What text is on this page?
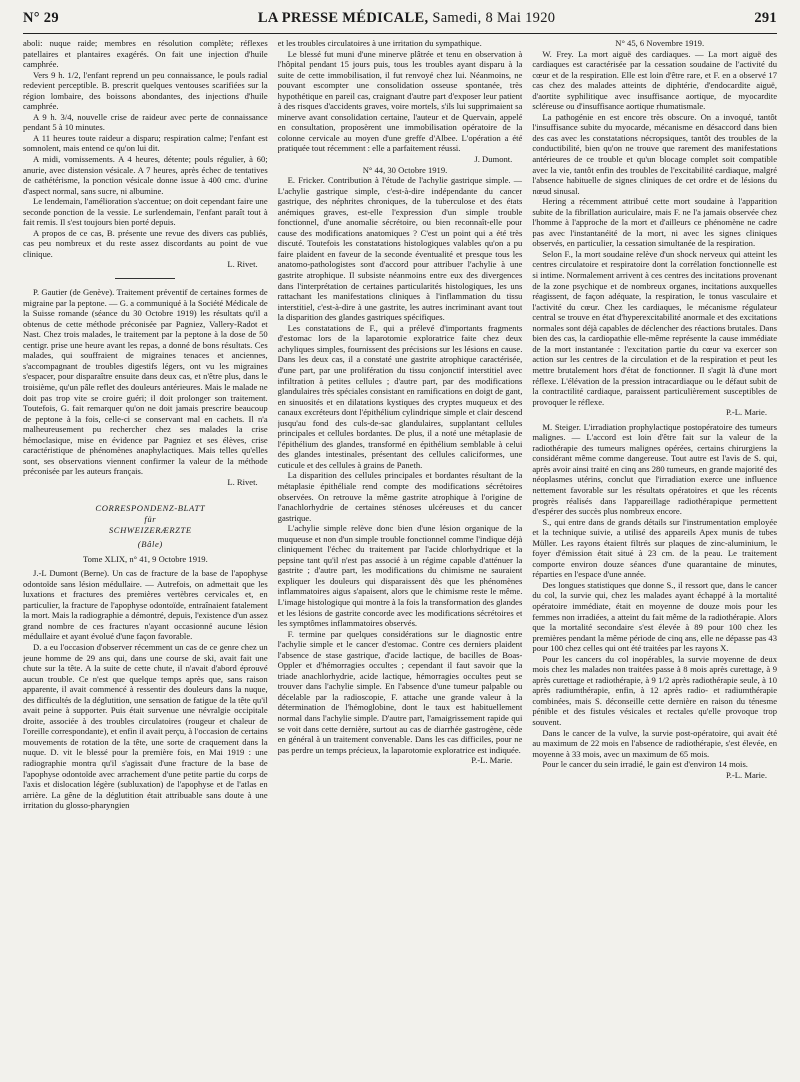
N° 29	LA PRESSE MÉDICALE, Samedi, 8 Mai 1920	291

aboli: nuque raide; membres en résolution complète; réflexes patellaires et plantaires exagérés. On fait une injection d'huile camphrée.

Vers 9 h. 1/2, l'enfant reprend un peu connaissance, le pouls radial redevient perceptible. B. prescrit quelques ventouses scarifiées sur la région lombaire, des boissons abondantes, des injections d'huile camphrée.

A 9 h. 3/4, nouvelle crise de raideur avec perte de connaissance pendant 5 à 10 minutes.

A 11 heures toute raideur a disparu; respiration calme; l'enfant est somnolent, mais entend ce qu'on lui dit.

A midi, vomissements. A 4 heures, détente; pouls régulier, à 60; anurie, avec distension vésicale. A 7 heures, après échec de tentatives de cathétérisme, la ponction vésicale donne issue à 400 cmc. d'urine d'aspect normal, sans sucre, ni albumine.

Le lendemain, l'amélioration s'accentue; on doit cependant faire une seconde ponction de la vessie. Le surlendemain, l'enfant paraît tout à fait remis. Il s'est toujours bien porté depuis.

A propos de ce cas, B. présente une revue des divers cas publiés, cas peu nombreux et du reste assez discordants au point de vue clinique.

L. Rivet.

P. Gautier (de Genève). Traitement préventif de certaines formes de migraine par la peptone. — G. a communiqué à la Société Médicale de la Suisse romande (séance du 30 Octobre 1919) les résultats qu'il a obtenus de cette méthode préconisée par Pagniez, Vallery-Radot et Nast. Chez trois malades, le traitement par la peptone à la dose de 50 centigr. prise une heure avant les repas, a donné de bons résultats. Ces malades, qui souffraient de migraines tenaces et anciennes, s'accompagnant de troubles digestifs légers, ont vu les migraines s'espacer, pour disparaître ensuite dans deux cas, et n'être plus, dans le troisième, qu'un pâle reflet des douleurs antérieures. Mais le malade ne doit pas trop vite se croire guéri; il doit prolonger son traitement. Toutefois, G. fait remarquer qu'on ne doit jamais prescrire beaucoup de peptone à la fois, celle-ci se conservant mal en cachets. Il n'a malheureusement pu rechercher chez ses malades la crise hémoclasique, mise en évidence par Pagniez et ses élèves, crise caractéristique de phénomènes anaphylactiques. Mais telles qu'elles sont, ses observations viennent confirmer la valeur de la méthode préconisée par les auteurs français.

L. Rivet.

CORRESPONDENZ-BLATT

für

SCHWEIZERÆRZTE

(Bâle)

Tome XLIX, n° 41, 9 Octobre 1919.

J.-L Dumont (Berne). Un cas de fracture de la base de l'apophyse odontoïde sans lésion médullaire. — Autrefois, on admettait que les luxations et fractures des premières vertèbres cervicales et, en particulier, la fracture de l'apophyse odontoïde, entraînaient fatalement la mort. Mais la radiographie a démontré, depuis, l'existence d'un assez grand nombre de ces fractures n'ayant occasionné aucune lésion médullaire et ayant évolué d'une façon favorable.

D. a eu l'occasion d'observer récemment un cas de ce genre chez un jeune homme de 29 ans qui, dans une course de ski, avait fait une chute sur la tête. A la suite de cette chute, il n'avait d'abord éprouvé aucun trouble. Ce n'est que quelque temps après que, sans raison apparente, il avait commencé à ressentir des douleurs dans la nuque, des difficultés de la déglutition, une sensation de fatigue de la tête qu'il avait peine à supporter. Puis était survenue une névralgie occipitale droite, associée à des troubles circulatoires (rougeur et chaleur de l'oreille correspondante), et enfin il avait perçu, à l'occasion de certains mouvements de rotation de la tête, une sorte de craquement dans la nuque. D. vit le blessé pour la première fois, en Mai 1919 : une radiographie montra qu'il s'agissait d'une fracture de la base de l'apophyse odontoïde avec arrachement d'une petite partie du corps de l'axis et dislocation légère (subluxation) de l'apophyse et de l'atlas en arrière. La gêne de la déglutition était attribuable sans doute à une irritation du glosso-pharyngien

et les troubles circulatoires à une irritation du sympathique.

Le blessé fut muni d'une minerve plâtrée et tenu en observation à l'hôpital pendant 15 jours puis, tous les troubles ayant disparu à la suite de cette immobilisation, il fut renvoyé chez lui. Néanmoins, ne pouvant escompter une consolidation osseuse spontanée, très hypothétique en pareil cas, craignant d'autre part d'exposer leur patient à des risques d'accidents graves, voire mortels, s'ils lui supprimaient sa minerve avant consolidation certaine, l'auteur et de Quervain, appelé en consultation, proposèrent une immobilisation opératoire de la colonne cervicale au moyen d'une greffe d'Albee. L'opération a été pratiquée tout récemment : elle a parfaitement réussi.

J. Dumont.

N° 44, 30 Octobre 1919.

E. Fricker. Contribution à l'étude de l'achylie gastrique simple. — L'achylie gastrique simple, c'est-à-dire indépendante du cancer gastrique, des néphrites chroniques, de la tuberculose et des états anémiques graves, est-elle l'expression d'un simple trouble fonctionnel, d'une anomalie sécrétoire, ou bien reconnaît-elle pour cause des modifications anatomiques ? C'est un point qui a été très discuté. Toutefois les constatations histologiques valables qu'on a pu faire plaident en faveur de la seconde éventualité et presque tous les anatomo-pathologistes sont d'accord pour attribuer l'achylie à une gastrite atrophique. Il subsiste néanmoins entre eux des divergences dans l'interprétation de certaines particularités histologiques, les uns rattachant les manifestations cliniques à l'inflammation du tissu interstitiel, c'est-à-dire à une gastrite, les autres incriminant avant tout la disparition des glandes gastriques spécifiques.

Les constatations de F., qui a prélevé d'importants fragments d'estomac lors de la laparotomie exploratrice faite chez deux achyliques simples, fournissent des précisions sur les lésions en cause. Dans les deux cas, il a constaté une gastrite atrophique caractérisée, d'une part, par une prolifération du tissu conjonctif interstitiel avec infiltration à petites cellules ; d'autre part, par des modifications glandulaires très spéciales consistant en ramifications en doigt de gant, en sinuosités et en dilatations kystiques des cryptes muqueux et des canaux excréteurs dont l'épithélium cylindrique simple et clair descend jusqu'au fond des culs-de-sac glandulaires, supplantant cellules principales et cellules bordantes. De plus, il a noté une métaplasie de l'épithélium des glandes, transformé en épithélium semblable à celui des glandes intestinales, présentant des cellules caliciformes, une cuticule et des cellules à grains de Paneth.

La disparition des cellules principales et bordantes résultant de la métaplasie épithéliale rend compte des modifications sécrétoires observées. On retrouve la même gastrite atrophique à l'origine de l'anachlorhydrie de certaines sténoses ulcéreuses et du cancer gastrique.

L'achylie simple relève donc bien d'une lésion organique de la muqueuse et non d'un simple trouble fonctionnel comme l'indique déjà cliniquement l'échec du traitement par l'acide chlorhydrique et la pepsine tant qu'il n'est pas associé à un régime capable d'atténuer la gastrite ; d'autre part, les modifications du chimisme ne sauraient expliquer les douleurs qui disparaissent dès que les phénomènes inflammatoires aigus s'apaisent, alors que le chimisme reste le même. L'image histologique qui montre à la fois la transformation des glandes et les lésions de gastrite concorde avec les modifications sécrétoires et les symptômes inflammatoires observés.

F. termine par quelques considérations sur le diagnostic entre l'achylie simple et le cancer d'estomac. Contre ces derniers plaident l'absence de stase gastrique, d'acide lactique, de bacilles de Boas-Oppler et d'hémorragies occultes ; cependant il faut savoir que la triade anachlorhydrie, acide lactique, hémorragies occultes peut se trouver dans l'achylie simple. En l'absence d'une tumeur palpable ou décelable par la radioscopie, F. attache une grande valeur à la détermination de l'hémoglobine, dont le taux est habituellement normal dans l'achylie simple. D'autre part, l'amaigrissement rapide qui se voit dans cette dernière, surtout au cas de diarrhée gastrogène, cède en général à un traitement convenable. Dans les cas difficiles, pour ne pas perdre un temps précieux, la laparotomie exploratrice est indiquée.

P.-L. Marie.

N° 45, 6 Novembre 1919.

W. Frey. La mort aiguë des cardiaques. — La mort aiguë des cardiaques est caractérisée par la cessation soudaine de l'activité du cœur et de la respiration. Elle est loin d'être rare, et F. en a observé 17 cas chez des malades atteints de diphtérie, d'endocardite aiguë, d'aortite syphilitique avec insuffisance aortique, de myocardite scléreuse ou d'insuffisance aortique rhumatismale.

La pathogénie en est encore très obscure. On a invoqué, tantôt l'insuffisance subite du myocarde, mécanisme en désaccord dans bien des cas avec les constatations nécropsiques, tantôt des troubles de la conductibilité, bien qu'on ne trouve que rarement des manifestations antérieures de ce trouble et qu'un blocage complet soit compatible avec la vie, tantôt enfin des troubles de l'excitabilité cardiaque, malgré l'absence habituelle de signes cliniques de cet ordre et de lésions du nœud sinusal.

Hering a récemment attribué cette mort soudaine à l'apparition subite de la fibrillation auriculaire, mais F. ne l'a jamais observée chez l'homme à l'approche de la mort et d'ailleurs ce phénomène ne cadre pas avec l'instantanéité de la mort, ni avec les signes cliniques observés, en particulier, la cessation simultanée de la respiration.

Selon F., la mort soudaine relève d'un shock nerveux qui atteint les centres circulatoire et respiratoire dont la corrélation fonctionnelle est si intime. Normalement arrivent à ces centres des incitations provenant de la zone psychique et de nombreux organes, incitations auxquelles réagissent, de façon adéquate, la respiration, le tonus vasculaire et l'activité du cœur. Chez les cardiaques, le mécanisme régulateur central se trouve en état d'hyperexcitabilité anormale et des excitations normales sont déjà capables de déclencher des réactions brutales. Dans bien des cas, la cardiopathie elle-même représente la cause immédiate de la mort instantanée : l'excitation partie du cœur va exercer son action sur les centres de la circulation et de la respiration et peut les mettre brutalement hors d'état de fonctionner. Il s'agit là d'une mort réflexe. L'élévation de la pression intracardiaque ou le défaut subit de la contractilité cardiaque, paraissent particulièrement susceptibles de provoquer le réflexe.

P.-L. Marie.

M. Steiger. L'irradiation prophylactique postopératoire des tumeurs malignes. — L'accord est loin d'être fait sur la valeur de la radiothérapie des tumeurs malignes opérées, certains chirurgiens la considérant même comme dangereuse. Tout autre est l'avis de S. qui, après avoir ainsi traité en cinq ans 280 tumeurs, en grande majorité des néoplasmes utérins, conclut que l'irradiation exerce une influence nettement favorable sur les résultats opératoires et que les récents progrès réalisés dans l'appareillage radiothérapique permettent d'espérer des succès plus nombreux encore.

S., qui entre dans de grands détails sur l'instrumentation employée et la technique suivie, a utilisé des appareils Apex munis de tubes Müller. Les rayons étaient filtrés sur plaques de zinc-aluminium, le foyer d'émission était situé à 23 cm. de la peau. Le traitement comporte environ douze séances d'une quarantaine de minutes, réparties en l'espace d'une année.

Des longues statistiques que donne S., il ressort que, dans le cancer du col, la survie qui, chez les malades ayant échappé à la mortalité opératoire immédiate, était en moyenne de douze mois pour les femmes non irradiées, a atteint du fait même de la radiothérapie. Alors que la mortalité secondaire s'est élevée à 89 pour 100 chez les premières pendant la même période de cinq ans, elle ne dépasse pas 43 pour 100 chez celles qui ont été traitées par les rayons X.

Pour les cancers du col inopérables, la survie moyenne de deux mois chez les malades non traitées passe à 8 mois après curettage, à 9 après curettage et radiothérapie, à 9 1/2 après radiothérapie seule, à 10 après radiumthérapie, enfin, à 12 après radio- et radiumthérapie combinées, mais S. déconseille cette dernière en raison du ténesme pénible et des fistules vésicales et rectales qu'elle provoque trop souvent.

Dans le cancer de la vulve, la survie post-opératoire, qui avait été au maximum de 22 mois en l'absence de radiothérapie, s'est élevée, en moyenne à 33 mois, avec un maximum de 65 mois.

Pour le cancer du sein irradié, le gain est d'environ 14 mois.

P.-L. Marie.
